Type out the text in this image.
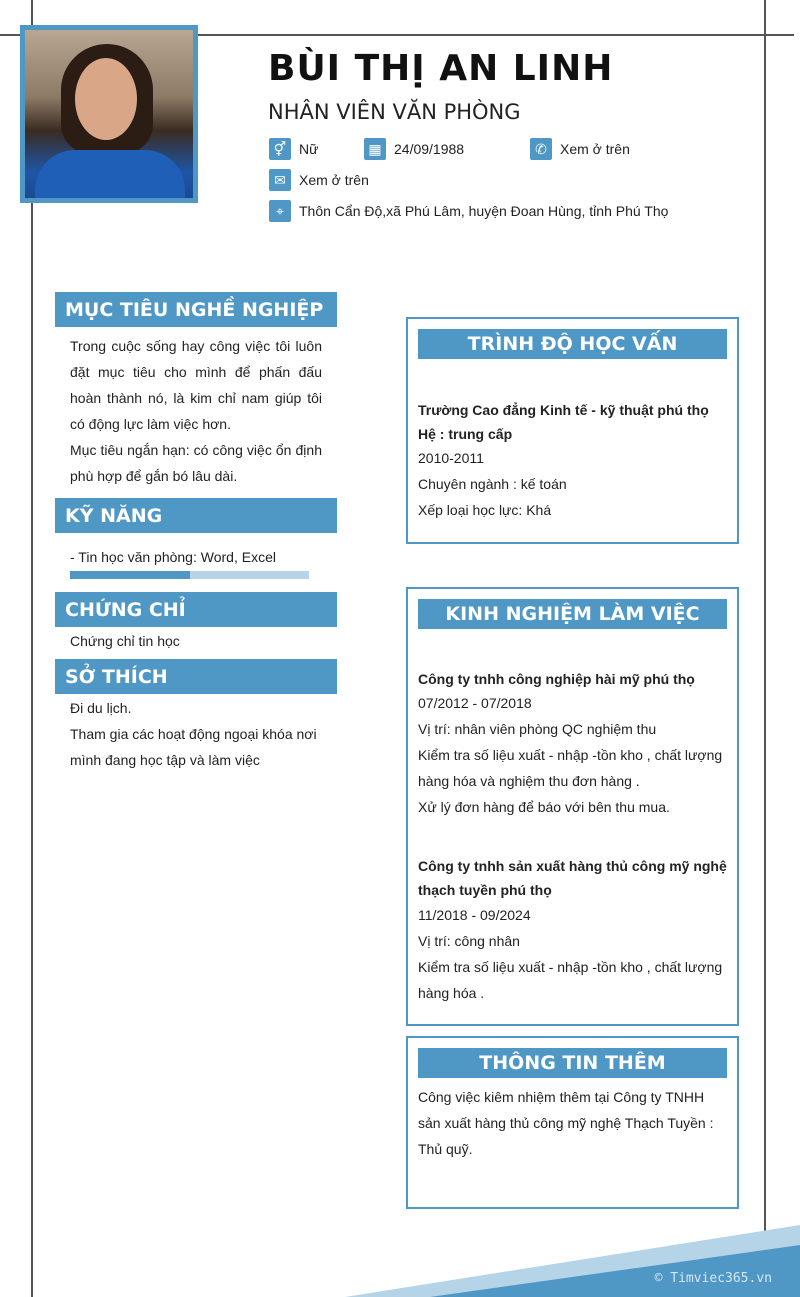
BÙI THỊ AN LINH
NHÂN VIÊN VĂN PHÒNG
⚥ Nữ	▦ 24/09/1988	✆ Xem ở trên
✉ Xem ở trên
⌖	Thôn Cẩn Độ,xã Phú Lâm, huyện Đoan Hùng, tỉnh Phú Thọ
MỤC TIÊU NGHỀ NGHIỆP
Trong cuộc sống hay công việc tôi luôn đặt mục tiêu cho mình để phấn đấu hoàn thành nó, là kim chỉ nam giúp tôi có động lực làm việc hơn.
Mục tiêu ngắn hạn: có công việc ổn định phù hợp để gắn bó lâu dài.
KỸ NĂNG
- Tin học văn phòng: Word, Excel
CHỨNG CHỈ
Chứng chỉ tin học
SỞ THÍCH
Đi du lịch.
Tham gia các hoạt động ngoại khóa nơi mình đang học tập và làm việc
TRÌNH ĐỘ HỌC VẤN
Trường Cao đẳng Kinh tế - kỹ thuật phú thọ
Hệ : trung cấp
2010-2011
Chuyên ngành : kế toán
Xếp loại học lực: Khá
KINH NGHIỆM LÀM VIỆC
Công ty tnhh công nghiệp hài mỹ phú thọ
07/2012 - 07/2018
Vị trí: nhân viên phòng QC nghiệm thu
Kiểm tra số liệu xuất - nhập -tồn kho , chất lượng hàng hóa và nghiệm thu đơn hàng .
Xử lý đơn hàng để báo với bên thu mua.
Công ty tnhh sản xuất hàng thủ công mỹ nghệ thạch tuyền phú thọ
11/2018 - 09/2024
Vị trí: công nhân
Kiểm tra số liệu xuất - nhập -tồn kho , chất lượng hàng hóa .
THÔNG TIN THÊM
Công việc kiêm nhiệm thêm tại Công ty TNHH sản xuất hàng thủ công mỹ nghệ Thạch Tuyền : Thủ quỹ.
© Timviec365.vn
